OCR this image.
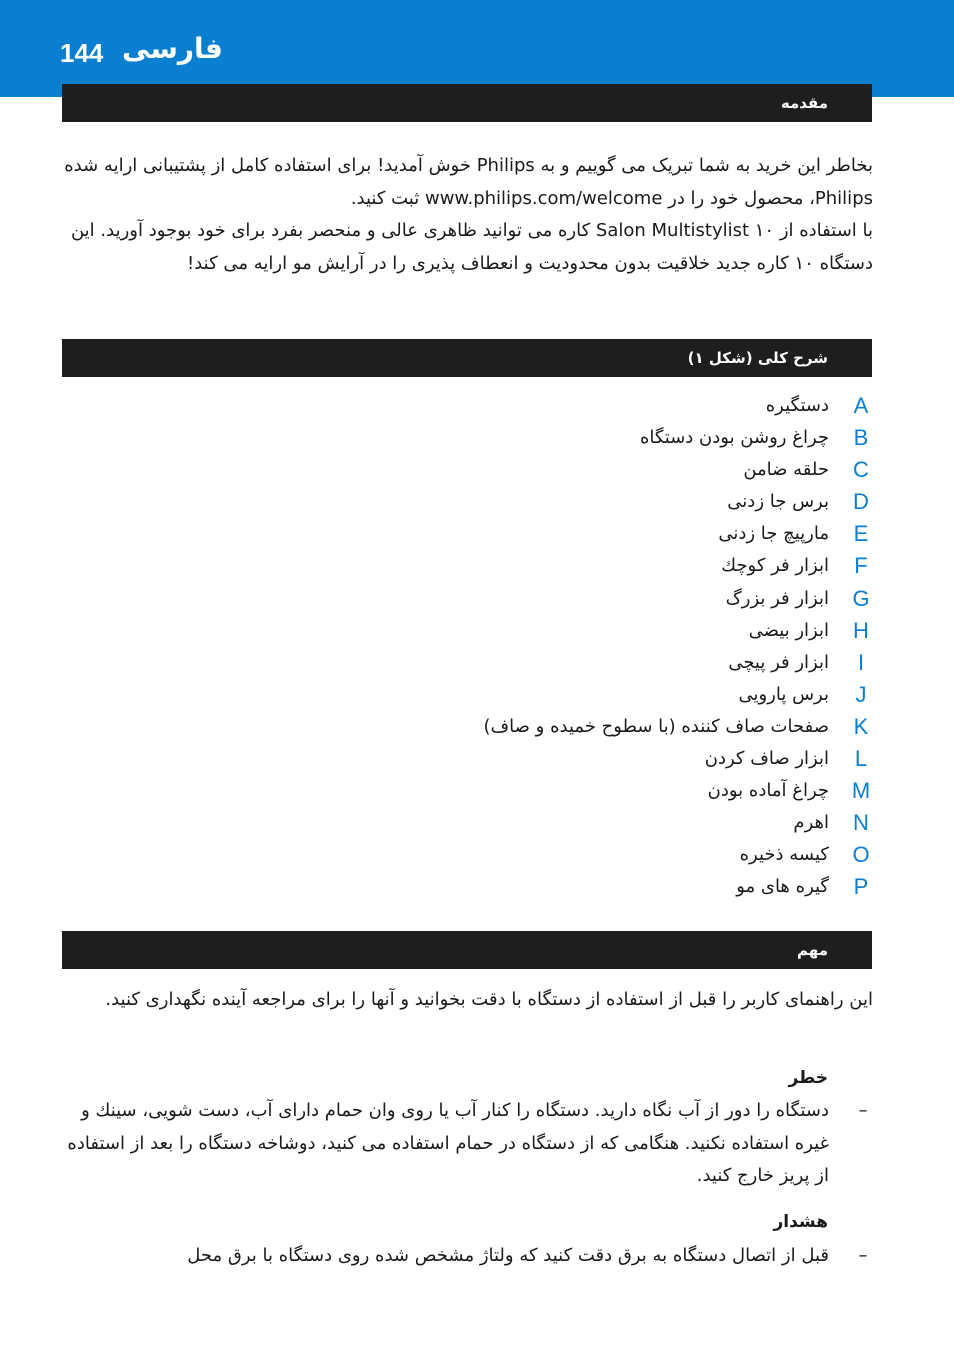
144 فارسی
مقدمه

بخاطر این خرید به شما تبریک می گوییم و به Philips خوش آمدید! برای استفاده کامل از پشتیبانی ارایه شده Philips، محصول خود را در www.philips.com/welcome ثبت کنید.

با استفاده از Salon Multistylist ۱۰ کاره می توانید ظاهری عالی و منحصر بفرد برای خود بوجود آورید. این دستگاه ۱۰ کاره جدید خلاقیت بدون محدودیت و انعطاف پذیری را در آرایش مو ارایه می کند!

شرح کلی (شکل ۱)
A
دستگیره
B
چراغ روشن بودن دستگاه
C
حلقه ضامن
D
برس جا زدنی
E
مارپیچ جا زدنی
F
ابزار فر کوچك
G
ابزار فر بزرگ
H
ابزار بیضی
I
ابزار فر پیچی
J
برس پارویی
K
صفحات صاف کننده (با سطوح خمیده و صاف)
L
ابزار صاف کردن
M
چراغ آماده بودن
N
اهرم
O
کیسه ذخیره
P
گیره های مو
مهم
این راهنمای کاربر را قبل از استفاده از دستگاه با دقت بخوانید و آنها را برای مراجعه آینده نگهداری کنید.
خطر
–
دستگاه را دور از آب نگاه دارید. دستگاه را کنار آب یا روی وان حمام دارای آب، دست شویی، سینك و غیره استفاده نکنید. هنگامی که از دستگاه در حمام استفاده می کنید، دوشاخه دستگاه را بعد از استفاده از پریز خارج کنید.
هشدار
–
قبل از اتصال دستگاه به برق دقت کنید که ولتاژ مشخص شده روی دستگاه با برق محل
